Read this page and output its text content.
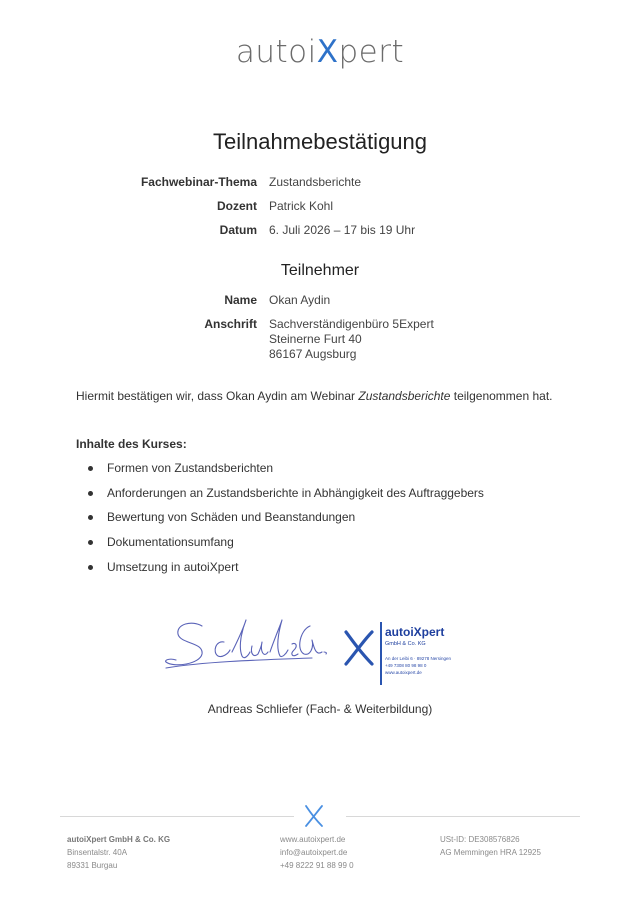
autoiXpert
Teilnahmebestätigung
Fachwebinar-Thema	Zustandsberichte
Dozent	Patrick Kohl
Datum	6. Juli 2026 – 17 bis 19 Uhr
Teilnehmer
Name	Okan Aydin
Anschrift	Sachverständigenbüro 5Expert
Steinerne Furt 40
86167 Augsburg
Hiermit bestätigen wir, dass Okan Aydin am Webinar Zustandsberichte teilgenommen hat.
Inhalte des Kurses:
Formen von Zustandsberichten
Anforderungen an Zustandsberichte in Abhängigkeit des Auftraggebers
Bewertung von Schäden und Beanstandungen
Dokumentationsumfang
Umsetzung in autoiXpert
autoiXpert
GmbH & Co. KG
An der Leibi 6 · 89278 Nersingen
+49 7308 80 98 98 0
www.autoixpert.de
Andreas Schliefer (Fach- & Weiterbildung)
autoiXpert GmbH & Co. KG
Binsentalstr. 40A
89331 Burgau
www.autoixpert.de
info@autoixpert.de
+49 8222 91 88 99 0
USt-ID: DE308576826
AG Memmingen HRA 12925
